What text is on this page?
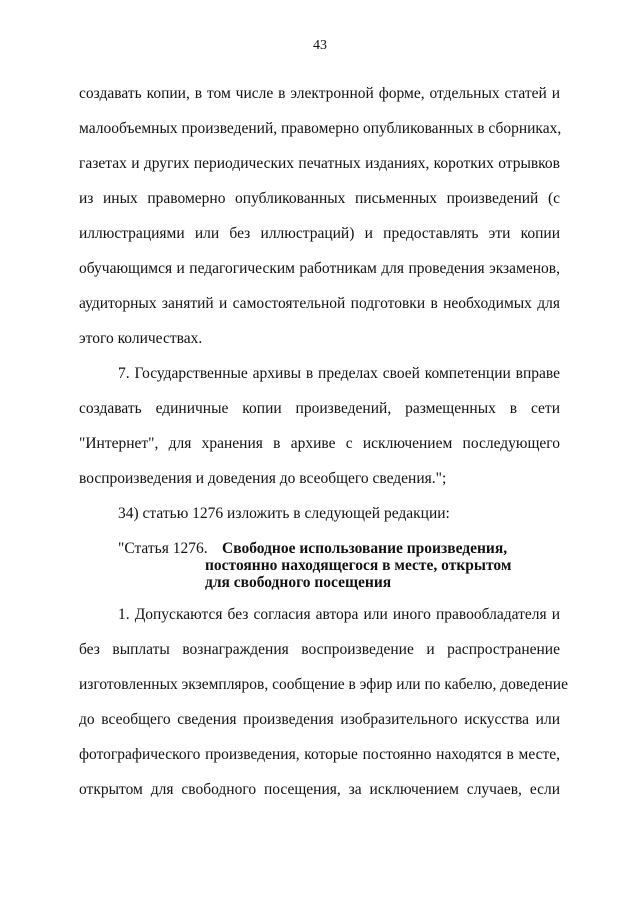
43
создавать копии, в том числе в электронной форме, отдельных статей и
малообъемных произведений, правомерно опубликованных в сборниках,
газетах и других периодических печатных изданиях, коротких отрывков
из иных правомерно опубликованных письменных произведений (с
иллюстрациями или без иллюстраций) и предоставлять эти копии
обучающимся и педагогическим работникам для проведения экзаменов,
аудиторных занятий и самостоятельной подготовки в необходимых для
этого количествах.
7. Государственные архивы в пределах своей компетенции вправе
создавать единичные копии произведений, размещенных в сети
"Интернет", для хранения в архиве с исключением последующего
воспроизведения и доведения до всеобщего сведения.";
34) статью 1276 изложить в следующей редакции:
"Статья 1276. Свободное использование произведения,
постоянно находящегося в месте, открытом
для свободного посещения
1. Допускаются без согласия автора или иного правообладателя и
без выплаты вознаграждения воспроизведение и распространение
изготовленных экземпляров, сообщение в эфир или по кабелю, доведение
до всеобщего сведения произведения изобразительного искусства или
фотографического произведения, которые постоянно находятся в месте,
открытом для свободного посещения, за исключением случаев, если
